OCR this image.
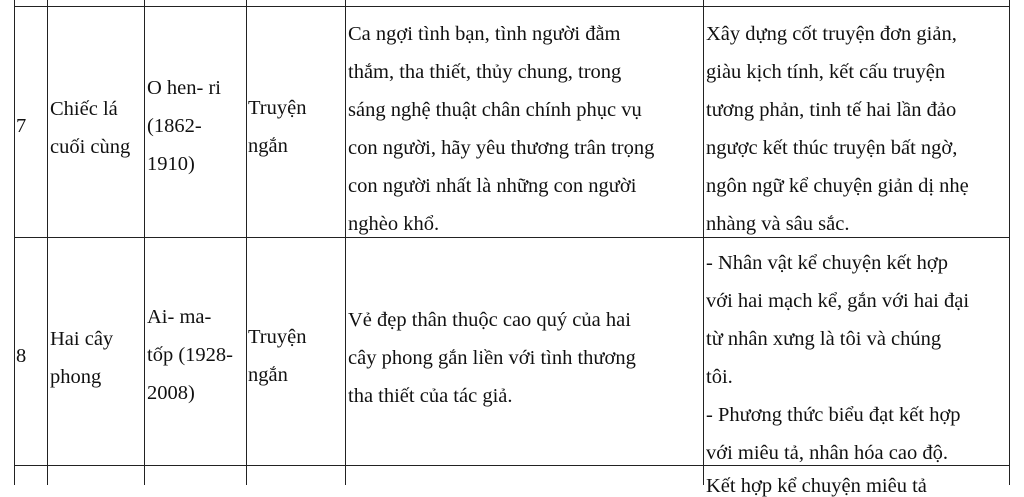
7
Chiếc lá
cuối cùng
O hen- ri
(1862-
1910)
Truyện
ngắn
Ca ngợi tình bạn, tình người đằm
thắm, tha thiết, thủy chung, trong
sáng nghệ thuật chân chính phục vụ
con người, hãy yêu thương trân trọng
con người nhất là những con người
nghèo khổ.
Xây dựng cốt truyện đơn giản,
giàu kịch tính, kết cấu truyện
tương phản, tinh tế hai lần đảo
ngược kết thúc truyện bất ngờ,
ngôn ngữ kể chuyện giản dị nhẹ
nhàng và sâu sắc.
8
Hai cây
phong
Ai- ma-
tốp (1928-
2008)
Truyện
ngắn
Vẻ đẹp thân thuộc cao quý của hai
cây phong gắn liền với tình thương
tha thiết của tác giả.
- Nhân vật kể chuyện kết hợp
với hai mạch kể, gắn với hai đại
từ nhân xưng là tôi và chúng
tôi.
- Phương thức biểu đạt kết hợp
với miêu tả, nhân hóa cao độ.
Kết hợp kể chuyện miêu tả
